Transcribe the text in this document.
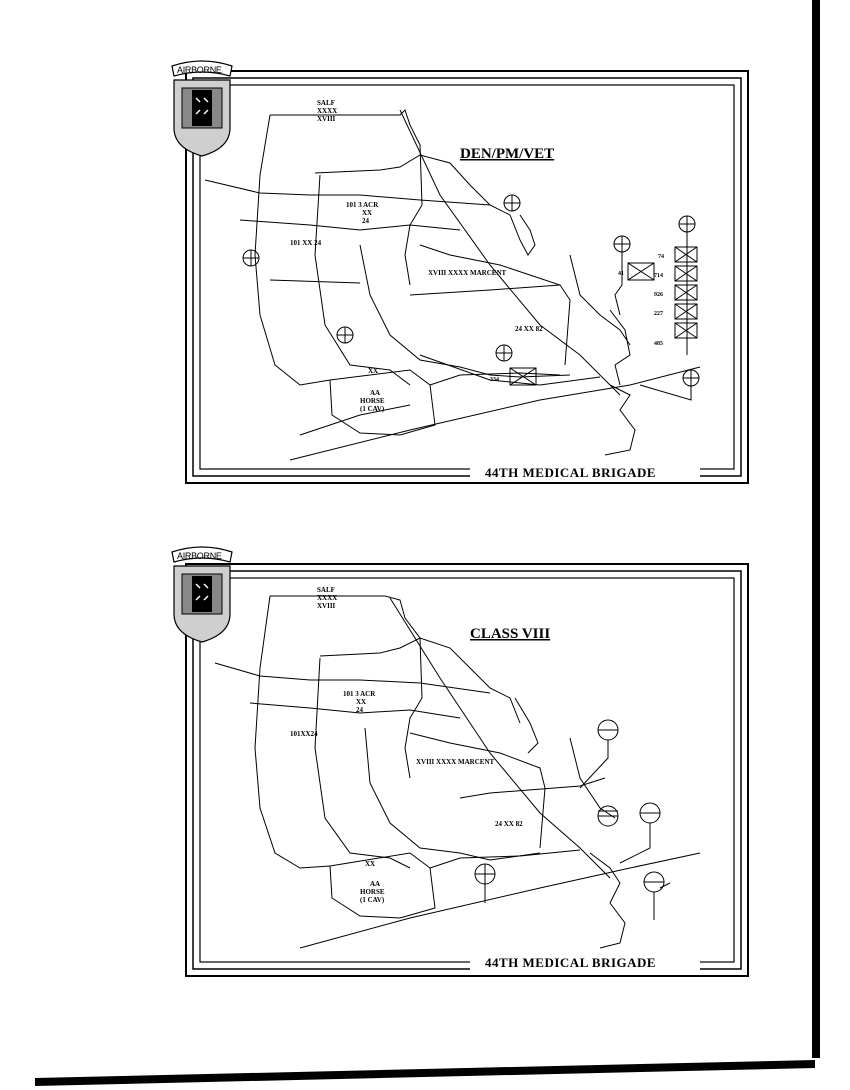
DEN/PM/VET
SALF
XXXX
XVIII
101 3 ACR
XX
24
101 XX 24
XVIII XXXX MARCENT
24 XX 82
XX
AA
HORSE
(1 CAV)
74
714
926
227
485
41
334
44TH MEDICAL BRIGADE
AIRBORNE
CLASS VIII
SALF
XXXX
XVIII
101 3 ACR
XX
24
101XX24
XVIII XXXX MARCENT
24 XX 82
XX
AA
HORSE
(1 CAV)
44TH MEDICAL BRIGADE
AIRBORNE
